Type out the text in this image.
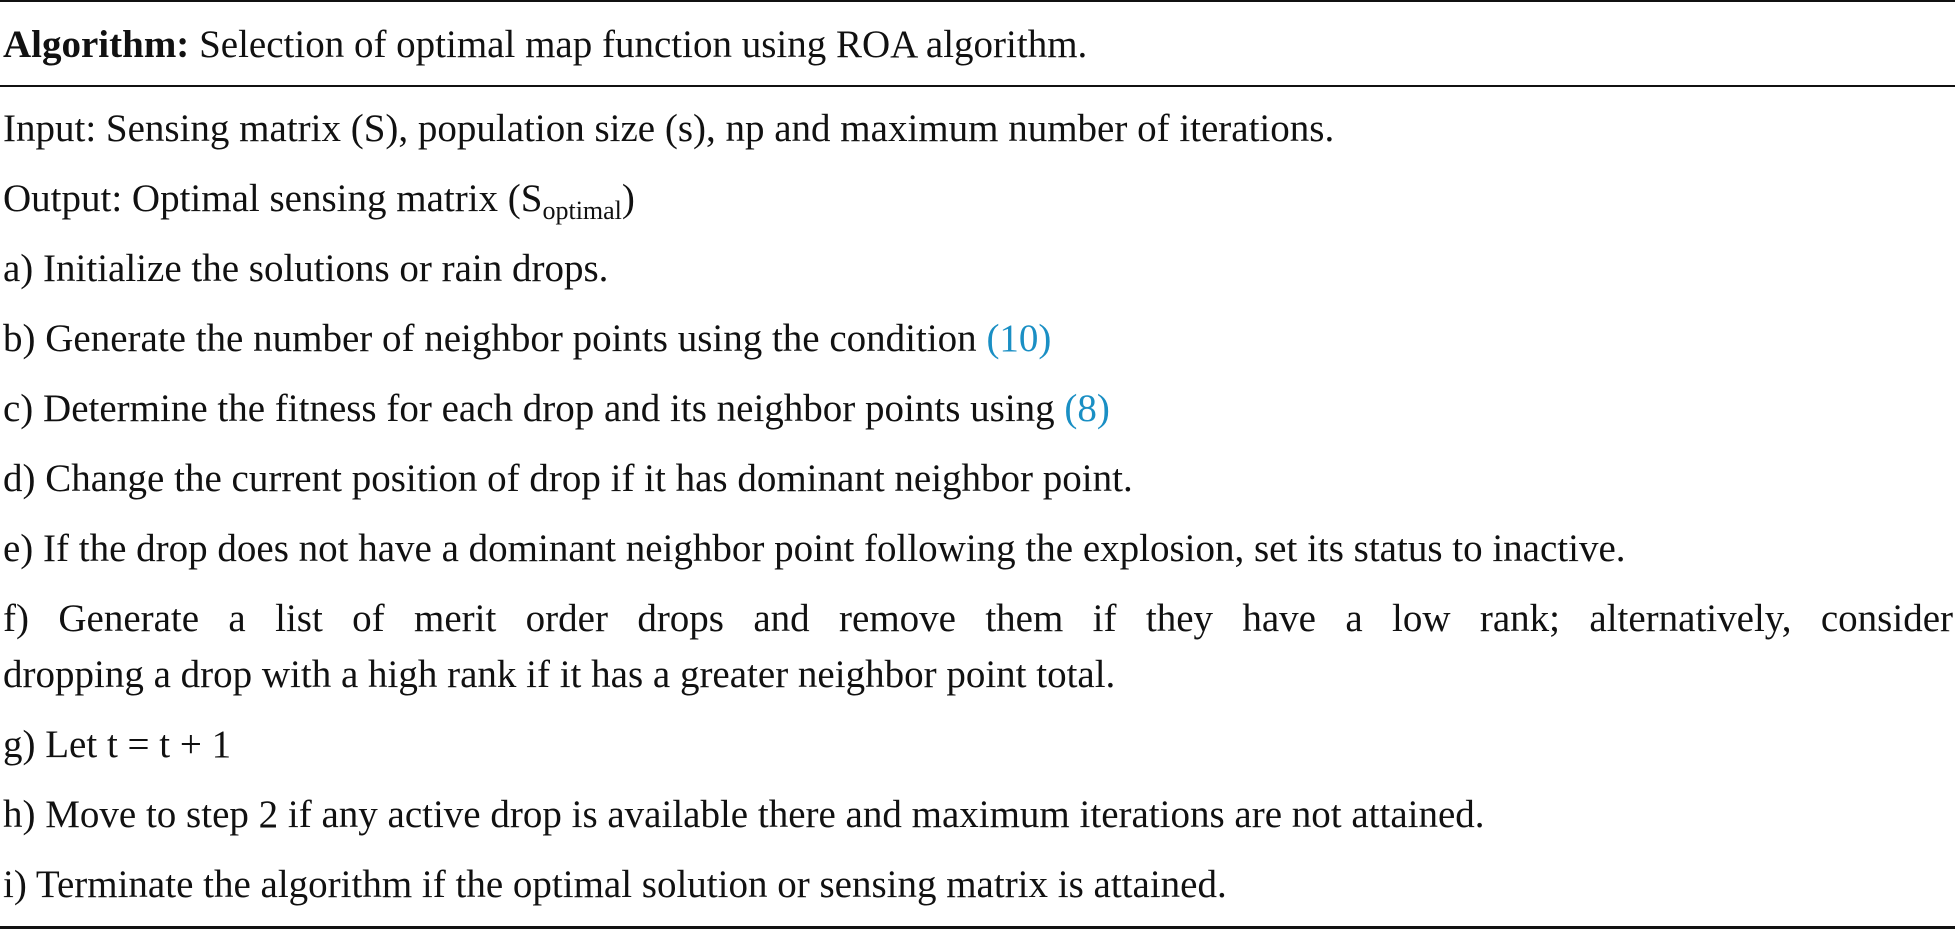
Algorithm: Selection of optimal map function using ROA algorithm.
Input: Sensing matrix (S), population size (s), np and maximum number of iterations.
Output: Optimal sensing matrix $(S_{optimal})$
a) Initialize the solutions or rain drops.
b) Generate the number of neighbor points using the condition (10)
c) Determine the fitness for each drop and its neighbor points using (8)
d) Change the current position of drop if it has dominant neighbor point.
e) If the drop does not have a dominant neighbor point following the explosion, set its status to inactive.
f) Generate a list of merit order drops and remove them if they have a low rank; alternatively, consider
dropping a drop with a high rank if it has a greater neighbor point total.
g) Let t = t + 1
h) Move to step 2 if any active drop is available there and maximum iterations are not attained.
i) Terminate the algorithm if the optimal solution or sensing matrix is attained.
